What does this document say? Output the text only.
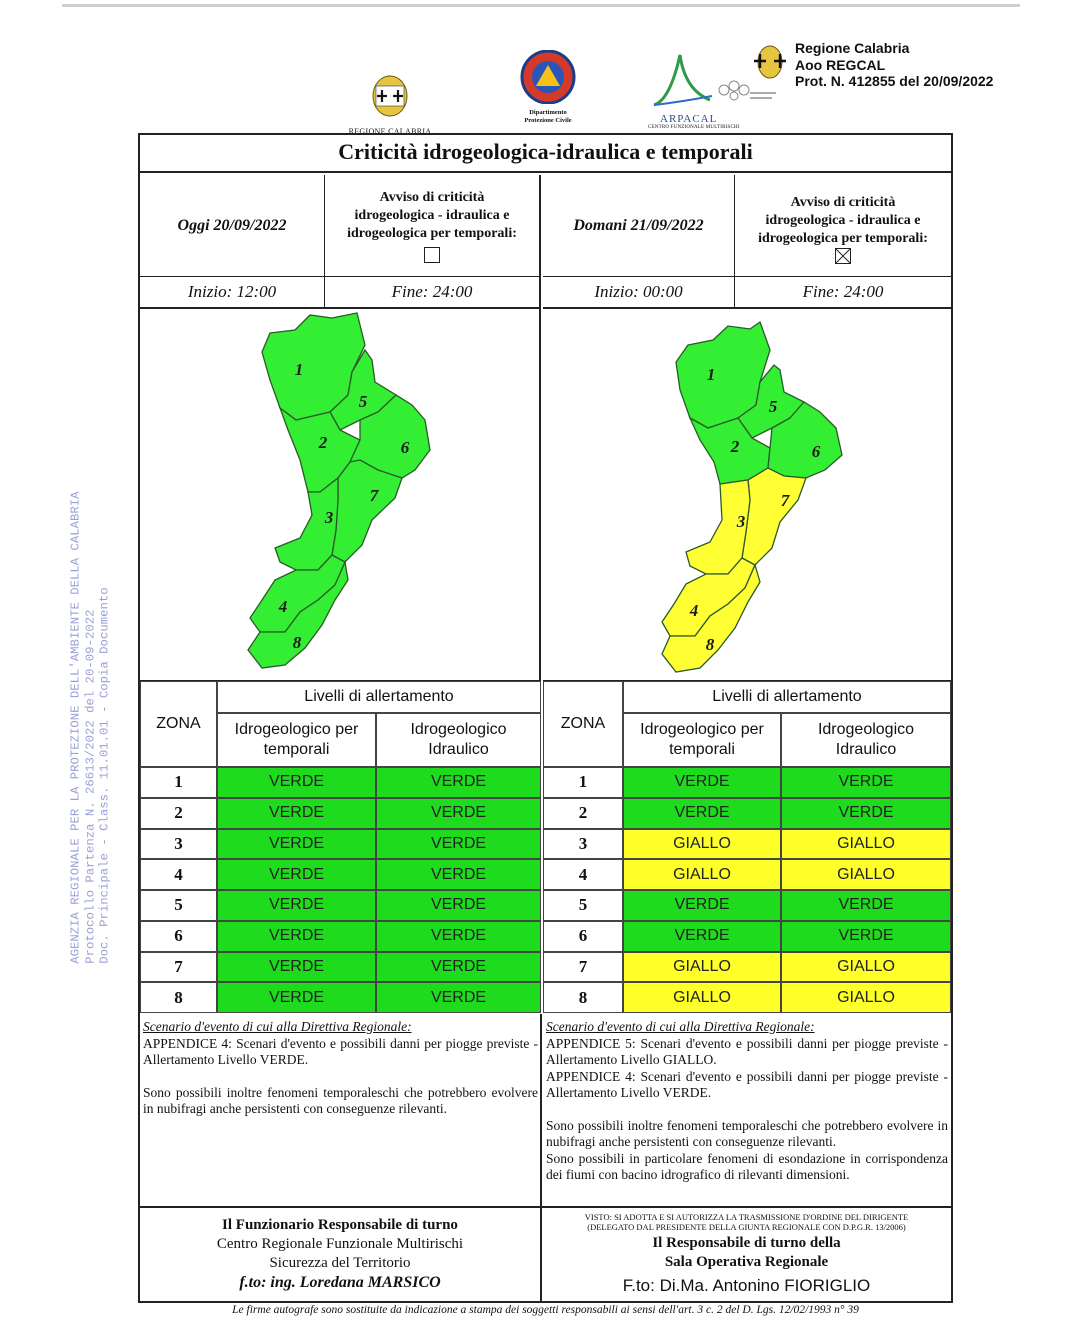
AGENZIA REGIONALE PER LA PROTEZIONE DELL'AMBIENTE DELLA CALABRIA Protocollo Partenza N. 26613/2022 del 20-09-2022 Doc. Principale - Class. 11.01.01 - Copia Documento
REGIONE CALABRIA
Dipartimento
Protezione Civile	ARPACAL
CENTRO FUNZIONALE MULTIRISCHI
Regione Calabria
Aoo REGCAL
Prot. N. 412855 del 20/09/2022
Criticità idrogeologica-idraulica e temporali
Oggi 20/09/2022
Avviso di criticità
idrogeologica - idraulica e
idrogeologica per temporali:	Domani 21/09/2022
Avviso di criticità
idrogeologica - idraulica e
idrogeologica per temporali:
Inizio: 12:00	Fine: 24:00	Inizio: 00:00	Fine: 24:00
1
2
3
4
5
6
7
8
1
2
3
4
5
6
7
8
ZONA
Livelli di allertamento
Idrogeologico per
temporali
Idrogeologico
Idraulico
1	VERDE	VERDE
2	VERDE	VERDE
3	VERDE	VERDE
4	VERDE	VERDE
5	VERDE	VERDE
6	VERDE	VERDE
7	VERDE	VERDE
8	VERDE	VERDE
ZONA
Livelli di allertamento
Idrogeologico per
temporali
Idrogeologico
Idraulico
1	VERDE	VERDE
2	VERDE	VERDE
3	GIALLO	GIALLO
4	GIALLO	GIALLO
5	VERDE	VERDE
6	VERDE	VERDE
7	GIALLO	GIALLO
8	GIALLO	GIALLO
Scenario d'evento di cui alla Direttiva Regionale:
APPENDICE 4: Scenari d'evento e possibili danni per piogge previste - Allertamento Livello VERDE.
Sono possibili inoltre fenomeni temporaleschi che potrebbero evolvere in nubifragi anche persistenti con conseguenze rilevanti.
Scenario d'evento di cui alla Direttiva Regionale:
APPENDICE 5: Scenari d'evento e possibili danni per piogge previste - Allertamento Livello GIALLO.
APPENDICE 4: Scenari d'evento e possibili danni per piogge previste - Allertamento Livello VERDE.
Sono possibili inoltre fenomeni temporaleschi che potrebbero evolvere in nubifragi anche persistenti con conseguenze rilevanti.
Sono possibili in particolare fenomeni di esondazione in corrispondenza dei fiumi con bacino idrografico di rilevanti dimensioni.
Il Funzionario Responsabile di turno
Centro Regionale Funzionale Multirischi
Sicurezza del Territorio
f.to: ing. Loredana MARSICO
VISTO: SI ADOTTA E SI AUTORIZZA LA TRASMISSIONE D'ORDINE DEL DIRIGENTE
(DELEGATO DAL PRESIDENTE DELLA GIUNTA REGIONALE CON D.P.G.R. 13/2006)
Il Responsabile di turno della
Sala Operativa Regionale
F.to: Di.Ma. Antonino FIORIGLIO
Le firme autografe sono sostituite da indicazione a stampa dei soggetti responsabili ai sensi dell'art. 3 c. 2 del D. Lgs. 12/02/1993 n° 39
